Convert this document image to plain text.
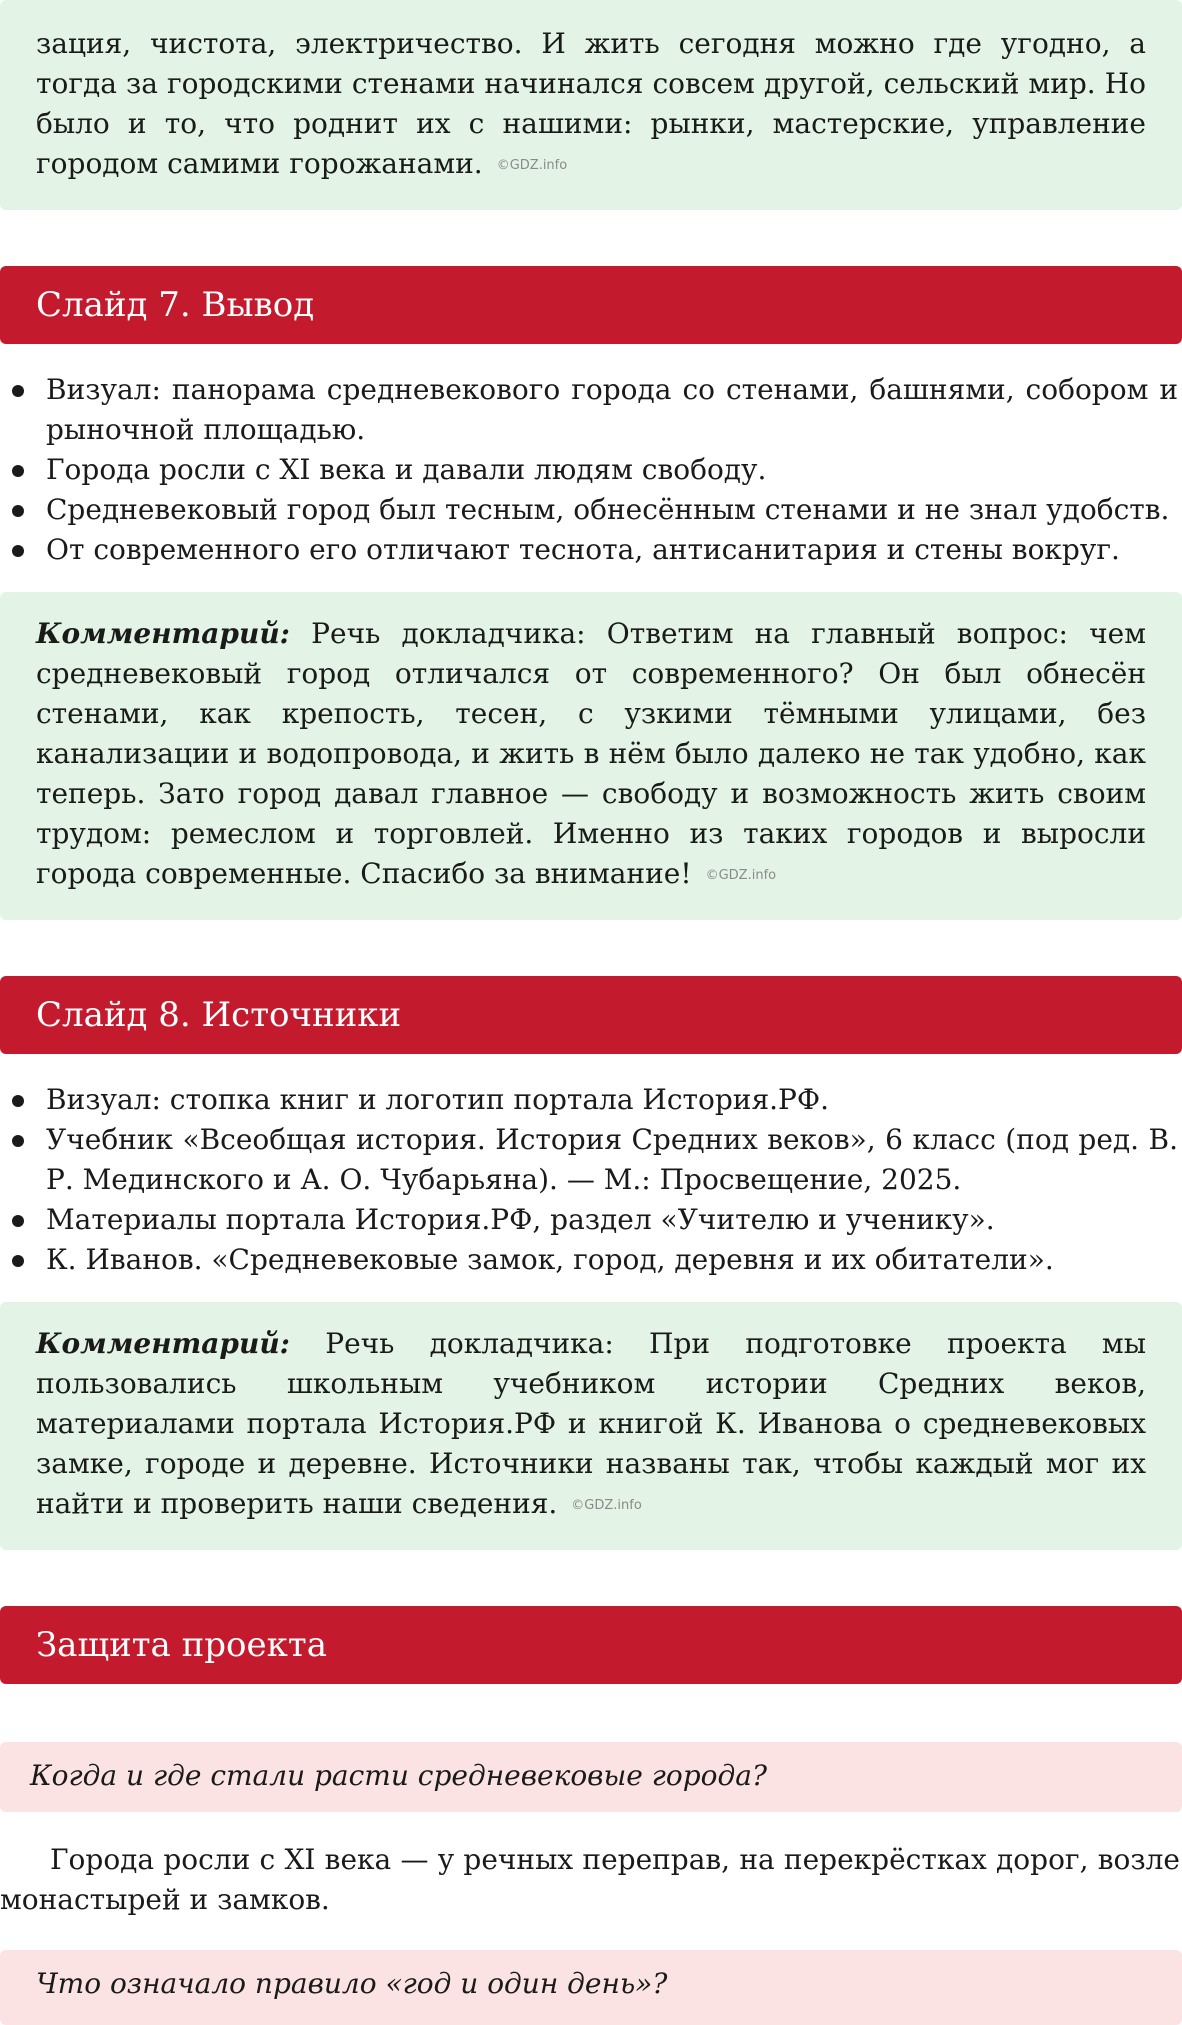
зация, чистота, электричество. И жить сегодня можно где угодно, а тогда за городскими стенами начинался совсем другой, сельский мир. Но было и то, что роднит их с нашими: рынки, мастерские, управление городом самими горожанами. ©GDZ.info
Слайд 7. Вывод
Визуал: панорама средневекового города со стенами, башнями, собором и рыночной площадью.
Города росли с XI века и давали людям свободу.
Средневековый город был тесным, обнесённым стенами и не знал удобств.
От современного его отличают теснота, антисанитария и стены вокруг.
Комментарий: Речь докладчика: Ответим на главный вопрос: чем средневековый город отличался от современного? Он был обнесён стенами, как крепость, тесен, с узкими тёмными улицами, без канализации и водопровода, и жить в нём было далеко не так удобно, как теперь. Зато город давал главное — свободу и возможность жить своим трудом: ремеслом и торговлей. Именно из таких городов и выросли города современные. Спасибо за внимание! ©GDZ.info
Слайд 8. Источники
Визуал: стопка книг и логотип портала История.РФ.
Учебник «Всеобщая история. История Средних веков», 6 класс (под ред. В. Р. Мединского и А. О. Чубарьяна). — М.: Просвещение, 2025.
Материалы портала История.РФ, раздел «Учителю и ученику».
К. Иванов. «Средневековые замок, город, деревня и их обитатели».
Комментарий: Речь докладчика: При подготовке проекта мы пользовались школьным учебником истории Средних веков, материалами портала История.РФ и книгой К. Иванова о средневековых замке, городе и деревне. Источники названы так, чтобы каждый мог их найти и проверить наши сведения. ©GDZ.info
Защита проекта
Когда и где стали расти средневековые города?
Города росли с XI века — у речных переправ, на перекрёстках дорог, возле монастырей и замков.
Что означало правило «год и один день»?
